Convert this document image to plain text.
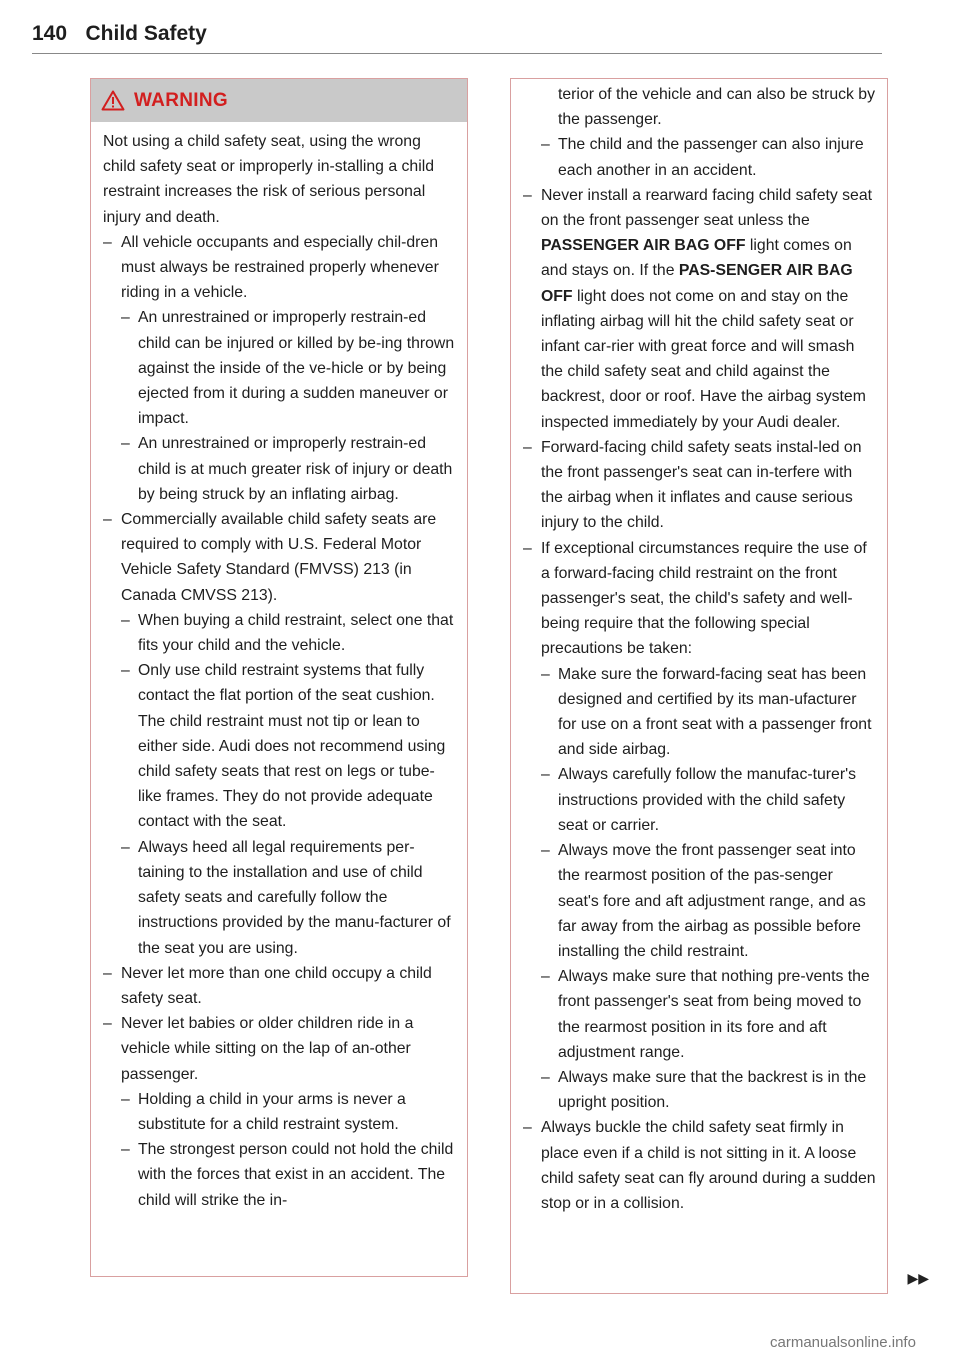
140 Child Safety
WARNING

Not using a child safety seat, using the wrong child safety seat or improperly in-stalling a child restraint increases the risk of serious personal injury and death.

– All vehicle occupants and especially chil-dren must always be restrained properly whenever riding in a vehicle.

– An unrestrained or improperly restrain-ed child can be injured or killed by be-ing thrown against the inside of the ve-hicle or by being ejected from it during a sudden maneuver or impact.

– An unrestrained or improperly restrain-ed child is at much greater risk of injury or death by being struck by an inflating airbag.

– Commercially available child safety seats are required to comply with U.S. Federal Motor Vehicle Safety Standard (FMVSS) 213 (in Canada CMVSS 213).

– When buying a child restraint, select one that fits your child and the vehicle.

– Only use child restraint systems that fully contact the flat portion of the seat cushion. The child restraint must not tip or lean to either side. Audi does not recommend using child safety seats that rest on legs or tube-like frames. They do not provide adequate contact with the seat.

– Always heed all legal requirements per-taining to the installation and use of child safety seats and carefully follow the instructions provided by the manu-facturer of the seat you are using.

– Never let more than one child occupy a child safety seat.

– Never let babies or older children ride in a vehicle while sitting on the lap of an-other passenger.

– Holding a child in your arms is never a substitute for a child restraint system.

– The strongest person could not hold the child with the forces that exist in an accident. The child will strike the in-

terior of the vehicle and can also be struck by the passenger.

– The child and the passenger can also injure each another in an accident.

– Never install a rearward facing child safety seat on the front passenger seat unless the PASSENGER AIR BAG OFF light comes on and stays on. If the PAS-SENGER AIR BAG OFF light does not come on and stay on the inflating airbag will hit the child safety seat or infant car-rier with great force and will smash the child safety seat and child against the backrest, door or roof. Have the airbag system inspected immediately by your Audi dealer.

– Forward-facing child safety seats instal-led on the front passenger's seat can in-terfere with the airbag when it inflates and cause serious injury to the child.

– If exceptional circumstances require the use of a forward-facing child restraint on the front passenger's seat, the child's safety and well-being require that the following special precautions be taken:

– Make sure the forward-facing seat has been designed and certified by its man-ufacturer for use on a front seat with a passenger front and side airbag.

– Always carefully follow the manufac-turer's instructions provided with the child safety seat or carrier.

– Always move the front passenger seat into the rearmost position of the pas-senger seat's fore and aft adjustment range, and as far away from the airbag as possible before installing the child restraint.

– Always make sure that nothing pre-vents the front passenger's seat from being moved to the rearmost position in its fore and aft adjustment range.

– Always make sure that the backrest is in the upright position.

– Always buckle the child safety seat firmly in place even if a child is not sitting in it. A loose child safety seat can fly around during a sudden stop or in a collision.

▶▶
carmanualsonline.info
